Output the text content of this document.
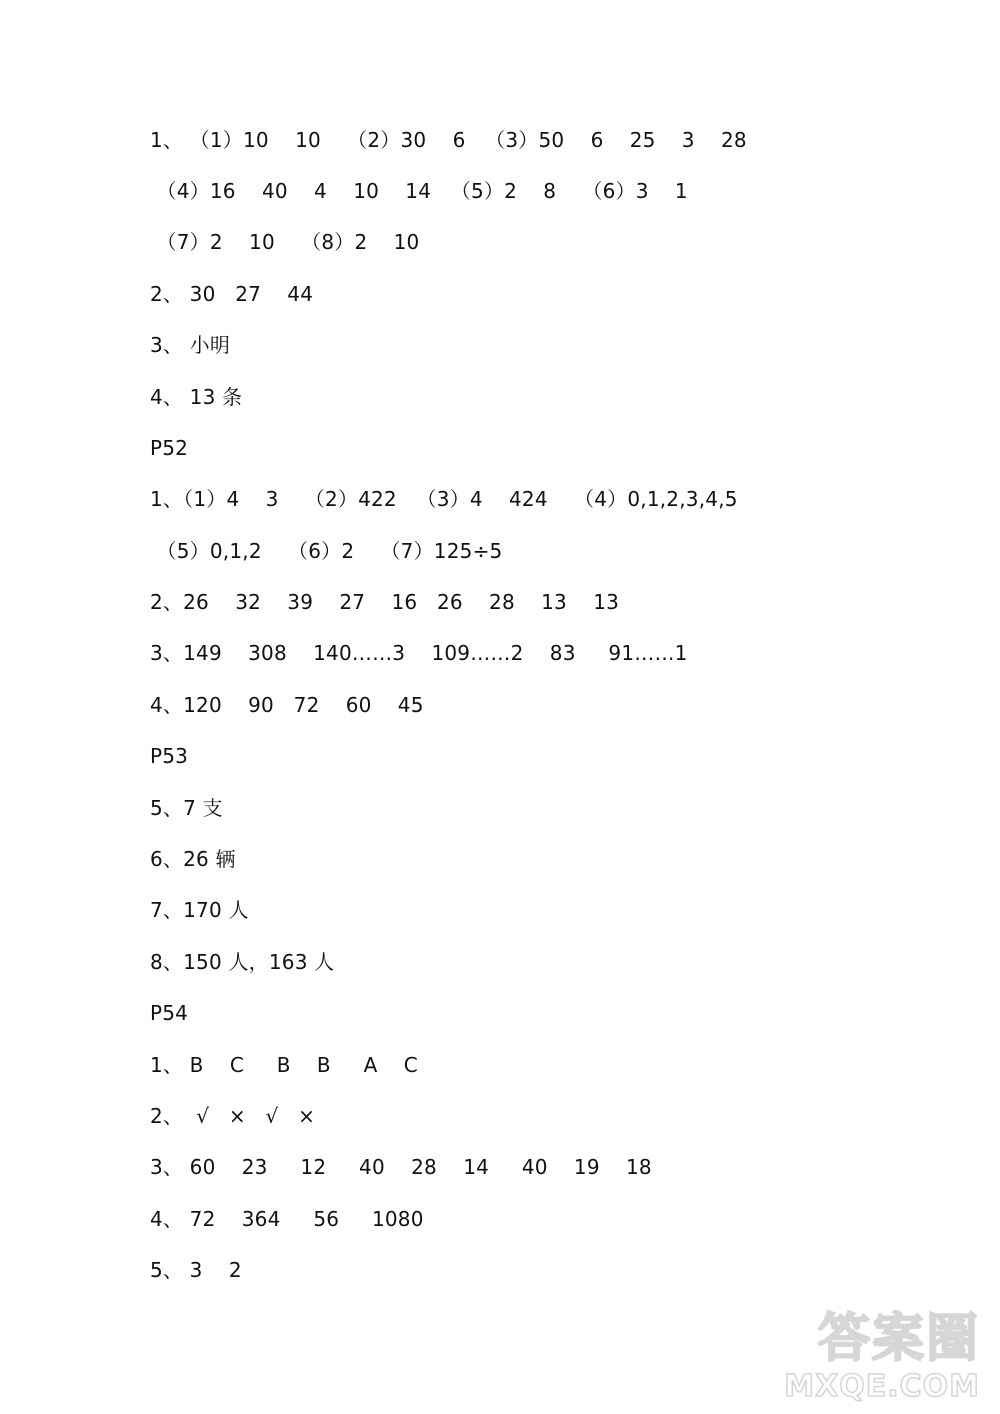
1、 （1）10    10    （2）30    6   （3）50    6    25    3    28
（4）16    40    4    10    14   （5）2    8    （6）3    1
（7）2    10    （8）2    10
2、 30   27    44
3、 小明
4、 13 条
P52
1、（1）4    3    （2）422   （3）4    424    （4）0,1,2,3,4,5
（5）0,1,2    （6）2    （7）125÷5
2、26    32    39    27    16   26    28    13    13
3、149    308    140……3    109……2    83     91……1
4、120    90   72    60    45
P53
5、7 支
6、26 辆
7、170 人
8、150 人，163 人
P54
1、 B    C     B    B     A    C
2、  √   ×   √   ×
3、 60    23     12     40    28    14     40    19    18
4、 72    364     56     1080
5、 3    2
答案圈
MXQE.COM
